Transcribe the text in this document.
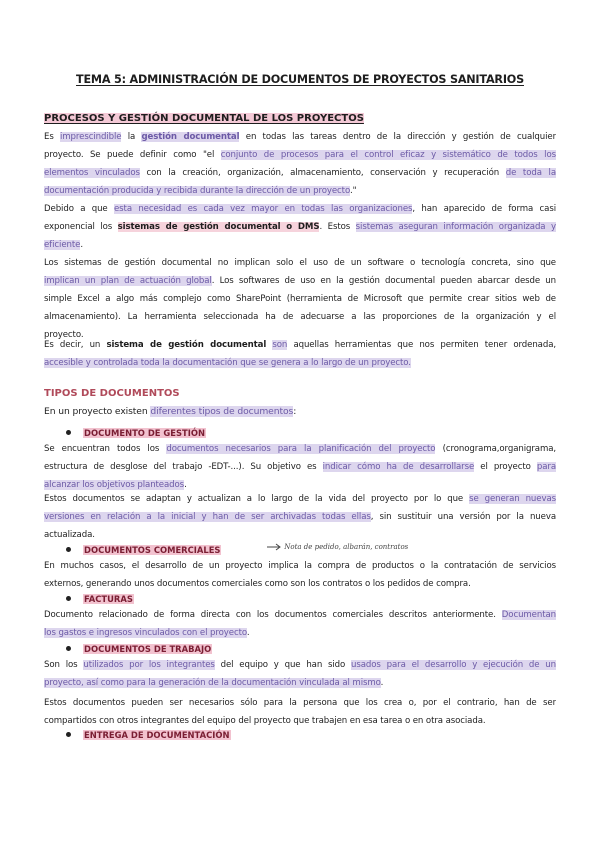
TEMA 5: ADMINISTRACIÓN DE DOCUMENTOS DE PROYECTOS SANITARIOS
PROCESOS Y GESTIÓN DOCUMENTAL DE LOS PROYECTOS
Es imprescindible la gestión documental en todas las tareas dentro de la dirección y gestión de cualquier
proyecto. Se puede definir como "el conjunto de procesos para el control eficaz y sistemático de todos los
elementos vinculados con la creación, organización, almacenamiento, conservación y recuperación de toda la
documentación producida y recibida durante la dirección de un proyecto."
Debido a que esta necesidad es cada vez mayor en todas las organizaciones, han aparecido de forma casi
exponencial los sistemas de gestión documental o DMS. Estos sistemas aseguran información organizada y
eficiente.
Los sistemas de gestión documental no implican solo el uso de un software o tecnología concreta, sino que
implican un plan de actuación global. Los softwares de uso en la gestión documental pueden abarcar desde un
simple Excel a algo más complejo como SharePoint (herramienta de Microsoft que permite crear sitios web de
almacenamiento). La herramienta seleccionada ha de adecuarse a las proporciones de la organización y el
proyecto.
Es decir, un sistema de gestión documental son aquellas herramientas que nos permiten tener ordenada,
accesible y controlada toda la documentación que se genera a lo largo de un proyecto.
TIPOS DE DOCUMENTOS
En un proyecto existen diferentes tipos de documentos:
DOCUMENTO DE GESTIÓN
Se encuentran todos los documentos necesarios para la planificación del proyecto (cronograma,organigrama,
estructura de desglose del trabajo -EDT-...). Su objetivo es indicar cómo ha de desarrollarse el proyecto para
alcanzar los objetivos planteados.
Estos documentos se adaptan y actualizan a lo largo de la vida del proyecto por lo que se generan nuevas
versiones en relación a la inicial y han de ser archivadas todas ellas, sin sustituir una versión por la nueva
actualizada.
DOCUMENTOS COMERCIALES	Nota de pedido, albarán, contratos
En muchos casos, el desarrollo de un proyecto implica la compra de productos o la contratación de servicios
externos, generando unos documentos comerciales como son los contratos o los pedidos de compra.
FACTURAS
Documento relacionado de forma directa con los documentos comerciales descritos anteriormente. Documentan
los gastos e ingresos vinculados con el proyecto.
DOCUMENTOS DE TRABAJO
Son los utilizados por los integrantes del equipo y que han sido usados para el desarrollo y ejecución de un
proyecto, así como para la generación de la documentación vinculada al mismo.
Estos documentos pueden ser necesarios sólo para la persona que los crea o, por el contrario, han de ser
compartidos con otros integrantes del equipo del proyecto que trabajen en esa tarea o en otra asociada.
ENTREGA DE DOCUMENTACIÓN
